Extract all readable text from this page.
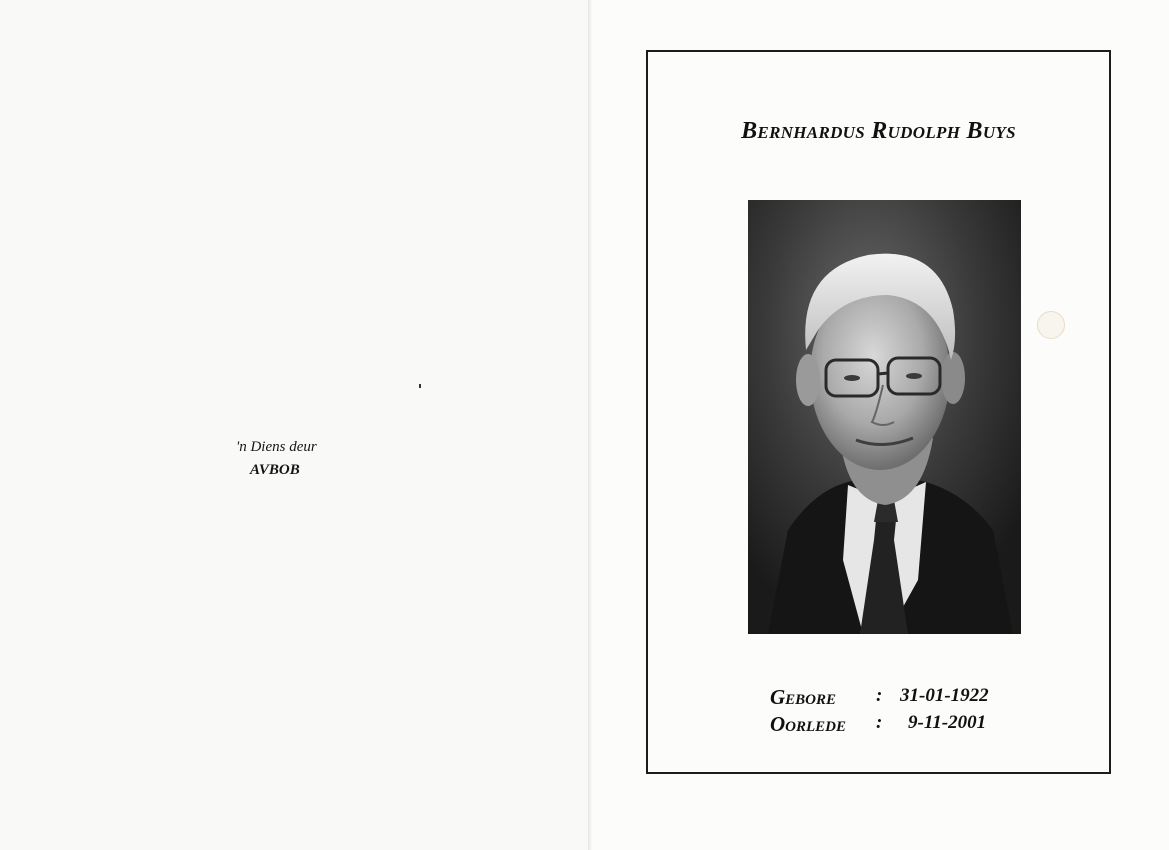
'n Diens deur
AVBOB
Bernhardus Rudolph Buys
Gebore : 31-01-1922
Oorlede : 9-11-2001
